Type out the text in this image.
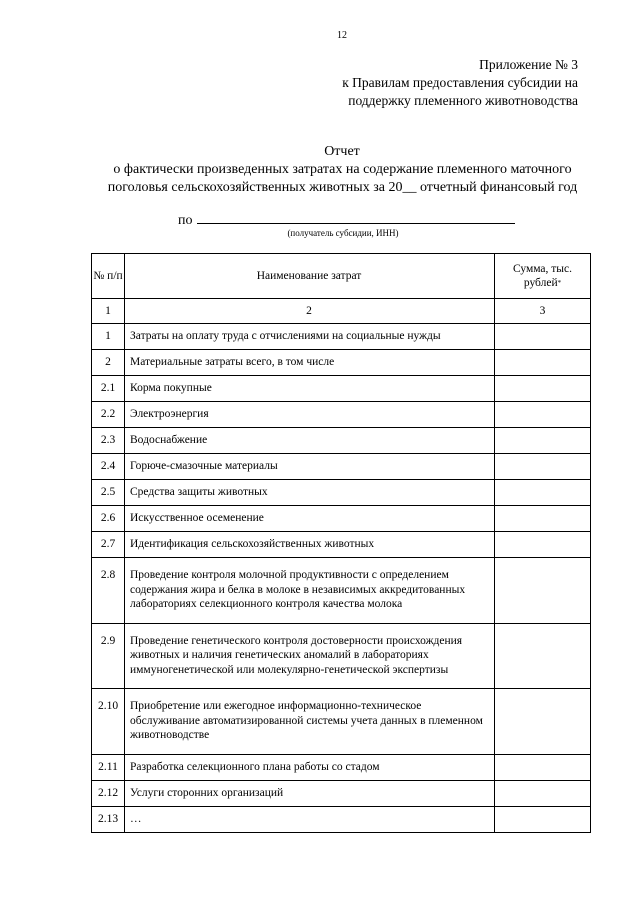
12
Приложение № 3
к Правилам предоставления субсидии на
поддержку племенного животноводства
Отчет
о фактически произведенных затратах на содержание племенного маточного поголовья сельскохозяйственных животных за 20__ отчетный финансовый год
по
(получатель субсидии, ИНН)
№ п/п	Наименование затрат	Сумма, тыс. рублей*
1	2	3
1	Затраты на оплату труда с отчислениями на социальные нужды	
2	Материальные затраты всего, в том числе	
2.1	Корма покупные	
2.2	Электроэнергия	
2.3	Водоснабжение	
2.4	Горюче-смазочные материалы	
2.5	Средства защиты животных	
2.6	Искусственное осеменение	
2.7	Идентификация сельскохозяйственных животных	
2.8	Проведение контроля молочной продуктивности с определением содержания жира и белка в молоке в независимых аккредитованных лабораториях селекционного контроля качества молока	
2.9	Проведение генетического контроля достоверности происхождения животных и наличия генетических аномалий в лабораториях иммуногенетической или молекулярно-генетической экспертизы	
2.10	Приобретение или ежегодное информационно-техническое обслуживание автоматизированной системы учета данных в племенном животноводстве	
2.11	Разработка селекционного плана работы со стадом	
2.12	Услуги сторонних организаций	
2.13	…	
